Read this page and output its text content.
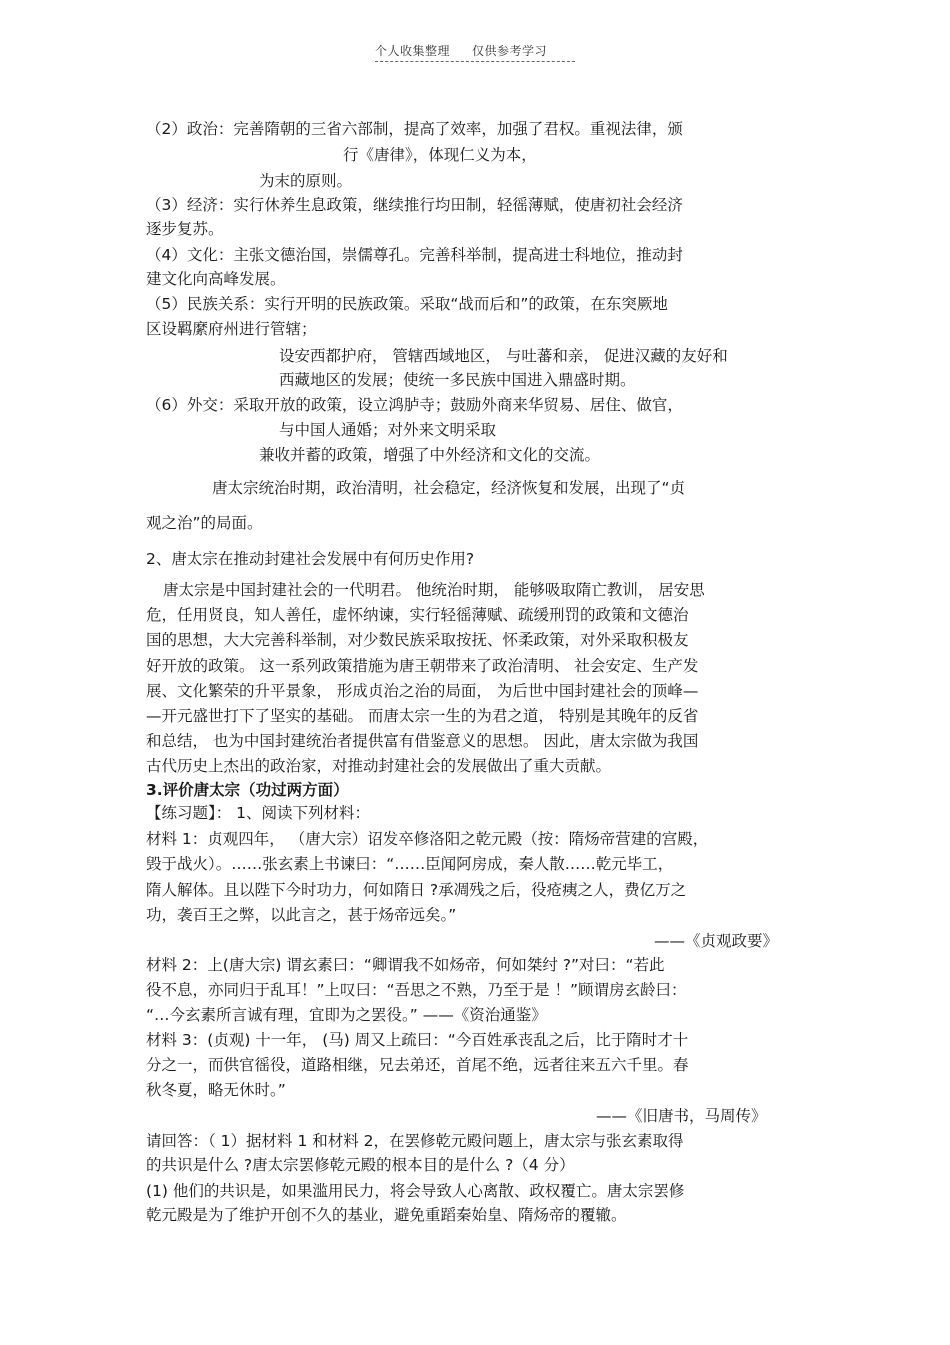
个人收集整理 仅供参考学习
（2）政治：完善隋朝的三省六部制，提高了效率，加强了君权。重视法律，颁
行《唐律》，体现仁义为本，
为末的原则。
（3）经济：实行休养生息政策，继续推行均田制，轻徭薄赋，使唐初社会经济
逐步复苏。
（4）文化：主张文德治国，崇儒尊孔。完善科举制，提高进士科地位，推动封
建文化向高峰发展。
（5）民族关系：实行开明的民族政策。采取“战而后和”的政策，在东突厥地
区设羁縻府州进行管辖；
设安西都护府， 管辖西域地区， 与吐蕃和亲， 促进汉藏的友好和
西藏地区的发展；使统一多民族中国进入鼎盛时期。
（6）外交：采取开放的政策，设立鸿胪寺；鼓励外商来华贸易、居住、做官，
与中国人通婚；对外来文明采取
兼收并蓄的政策，增强了中外经济和文化的交流。
唐太宗统治时期，政治清明，社会稳定，经济恢复和发展，出现了“贞
观之治”的局面。
2、唐太宗在推动封建社会发展中有何历史作用?
唐太宗是中国封建社会的一代明君。 他统治时期， 能够吸取隋亡教训， 居安思
危，任用贤良，知人善任，虚怀纳谏，实行轻徭薄赋、疏缓刑罚的政策和文德治
国的思想，大大完善科举制，对少数民族采取按抚、怀柔政策，对外采取积极友
好开放的政策。 这一系列政策措施为唐王朝带来了政治清明、 社会安定、生产发
展、文化繁荣的升平景象， 形成贞治之治的局面， 为后世中国封建社会的顶峰—
—开元盛世打下了坚实的基础。 而唐太宗一生的为君之道， 特别是其晚年的反省
和总结， 也为中国封建统治者提供富有借鉴意义的思想。 因此，唐太宗做为我国
古代历史上杰出的政治家，对推动封建社会的发展做出了重大贡献。
3.评价唐太宗（功过两方面）
【练习题】： 1、阅读下列材料：
材料 1：贞观四年， （唐大宗）诏发卒修洛阳之乾元殿（按：隋炀帝营建的宫殿，
毁于战火）。……张玄素上书谏曰：“……臣闻阿房成，秦人散……乾元毕工，
隋人解体。且以陛下今时功力，何如隋日 ?承凋残之后，役疮痍之人，费亿万之
功，袭百王之弊，以此言之，甚于炀帝远矣。”
——《贞观政要》
材料 2：上(唐大宗) 谓玄素曰：“卿谓我不如炀帝，何如桀纣 ?”对曰：“若此
役不息，亦同归于乱耳！”上叹曰：“吾思之不熟，乃至于是 ！”顾谓房玄龄曰：
“…今玄素所言诚有理，宜即为之罢役。” ——《资治通鉴》
材料 3：(贞观) 十一年， (马) 周又上疏曰：“今百姓承丧乱之后，比于隋时才十
分之一，而供官徭役，道路相继，兄去弟还，首尾不绝，远者往来五六千里。春
秋冬夏，略无休时。”
——《旧唐书，马周传》
请回答：（ 1）据材料 1 和材料 2，在罢修乾元殿问题上，唐太宗与张玄素取得
的共识是什么 ?唐太宗罢修乾元殿的根本目的是什么 ?（4 分）
(1) 他们的共识是，如果滥用民力，将会导致人心离散、政权覆亡。唐太宗罢修
乾元殿是为了维护开创不久的基业，避免重蹈秦始皇、隋炀帝的覆辙。
